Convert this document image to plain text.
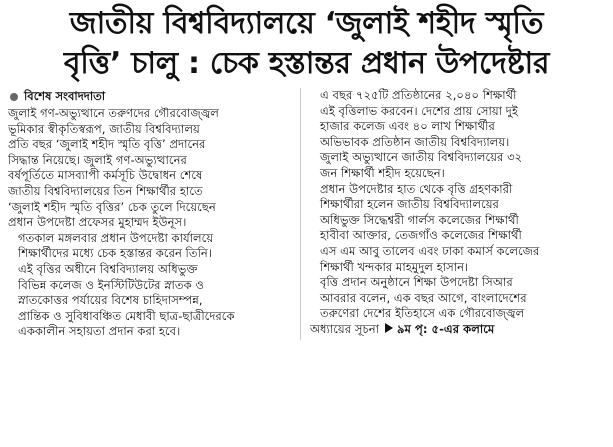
জাতীয় বিশ্ববিদ্যালয়ে ‘জুলাই শহীদ স্মৃতি
বৃত্তি’ চালু : চেক হস্তান্তর প্রধান উপদেষ্টার
বিশেষ সংবাদদাতা

জুলাই গণ-অভ্যুত্থানে তরুণদের গৌরবোজ্জ্বল
ভূমিকার স্বীকৃতিস্বরূপ, জাতীয় বিশ্ববিদ্যালয়
প্রতি বছর ‘জুলাই শহীদ স্মৃতি বৃত্তি’ প্রদানের
সিদ্ধান্ত নিয়েছে। জুলাই গণ-অভ্যুত্থানের
বর্ষপূর্তিতে মাসব্যাপী কর্মসূচি উদ্বোধন শেষে
জাতীয় বিশ্ববিদ্যালয়ের তিন শিক্ষার্থীর হাতে
‘জুলাই শহীদ স্মৃতি বৃত্তির’ চেক তুলে দিয়েছেন
প্রধান উপদেষ্টা প্রফেসর মুহাম্মদ ইউনূস।

গতকাল মঙ্গলবার প্রধান উপদেষ্টা কার্যালয়ে
শিক্ষার্থীদের মধ্যে চেক হস্তান্তর করেন তিনি।

এই বৃত্তির অধীনে বিশ্ববিদ্যালয় অধিভুক্ত
বিভিন্ন কলেজ ও ইনস্টিটিউটের স্নাতক ও
স্নাতকোত্তর পর্যায়ের বিশেষ চাহিদাসম্পন্ন,
প্রান্তিক ও সুবিধাবঞ্চিত মেধাবী ছাত্র-ছাত্রীদেরকে
এককালীন সহায়তা প্রদান করা হবে।

এ বছর ৭২৫টি প্রতিষ্ঠানের ২,০৪০ শিক্ষার্থী
এই বৃত্তিলাভ করবেন। দেশের প্রায় সোয়া দুই
হাজার কলেজ এবং ৪০ লাখ শিক্ষার্থীর
অভিভাবক প্রতিষ্ঠান জাতীয় বিশ্ববিদ্যালয়।

জুলাই অভ্যুত্থানে জাতীয় বিশ্ববিদ্যালয়ের ৩২
জন শিক্ষার্থী শহীদ হয়েছেন।

প্রধান উপদেষ্টার হাত থেকে বৃত্তি গ্রহণকারী
শিক্ষার্থীরা হলেন জাতীয় বিশ্ববিদ্যালয়ের
অধিভুক্ত সিদ্ধেশ্বরী গার্লস কলেজের শিক্ষার্থী
হাবীবা আক্তার, তেজগাঁও কলেজের শিক্ষার্থী
এস এম আবু তালেব এবং ঢাকা কমার্স কলেজের
শিক্ষার্থী খন্দকার মাহমুদুল হাসান।

বৃত্তি প্রদান অনুষ্ঠানে শিক্ষা উপদেষ্টা সিআর
আবরার বলেন, এক বছর আগে, বাংলাদেশের
তরুণেরা দেশের ইতিহাসে এক গৌরবোজ্জ্বল
অধ্যায়ের সূচনা ৯ম পৃ: ৫-এর কলামে
